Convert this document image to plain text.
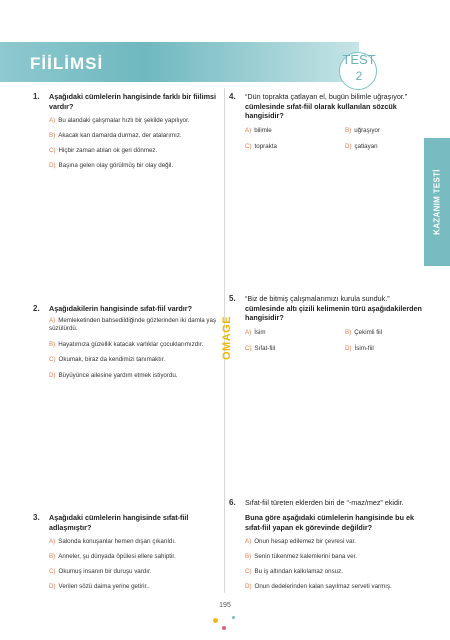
FİİLİMSİ	TEST
2
KAZANIM TESTİ
OMAGE
1. Aşağıdaki cümlelerin hangisinde farklı bir fiilimsi vardır?
A) Bu alandaki çalışmalar hızlı bir şekilde yapılıyor.
B) Akacak kan damarda durmaz, der atalarımız.
C) Hiçbir zaman atılan ok geri dönmez.
D) Başına gelen olay görülmüş bir olay değil.
2. Aşağıdakilerin hangisinde sıfat-fiil vardır?
A) Memleketinden bahsedildiğinde gözlerinden iki damla yaş süzülürdü.
B) Hayatımıza güzellik katacak varlıklar çocuklarımızdır.
C) Okumak, biraz da kendimizi tanımaktır.
D) Büyüyünce ailesine yardım etmek istiyordu.
3. Aşağıdaki cümlelerin hangisinde sıfat-fiil adlaşmıştır?
A) Salonda konuşanlar hemen dışarı çıkarıldı.
B) Anneler, şu dünyada öpülesi ellere sahiptir.
C) Okumuş insanın bir duruşu vardır.
D) Verilen sözü daima yerine getirir..
4. “Dün toprakta çatlayan el, bugün bilimle uğraşıyor.” cümlesinde sıfat-fiil olarak kullanılan sözcük hangisidir?
A) bilimle	B) uğraşıyor
C) toprakta	D) çatlayan
5. “Biz de bitmiş çalışmalarımızı kurula sunduk.” cümlesinde altı çizili kelimenin türü aşağıdakilerden hangisidir?
A) İsim	B) Çekimli fiil
C) Sıfat-fiil	D) İsim-fiil
6. Sıfat-fiil türeten eklerden biri de “-maz/mez” ekidir.
Buna göre aşağıdaki cümlelerin hangisinde bu ek sıfat-fiil yapan ek görevinde değildir?
A) Onun hesap edilemez bir çevresi var.
B) Senin tükenmez kalemlerini bana ver.
C) Bu iş altından kalkılamaz onsuz.
D) Onun dedelerinden kalan sayılmaz serveti varmış.
195
